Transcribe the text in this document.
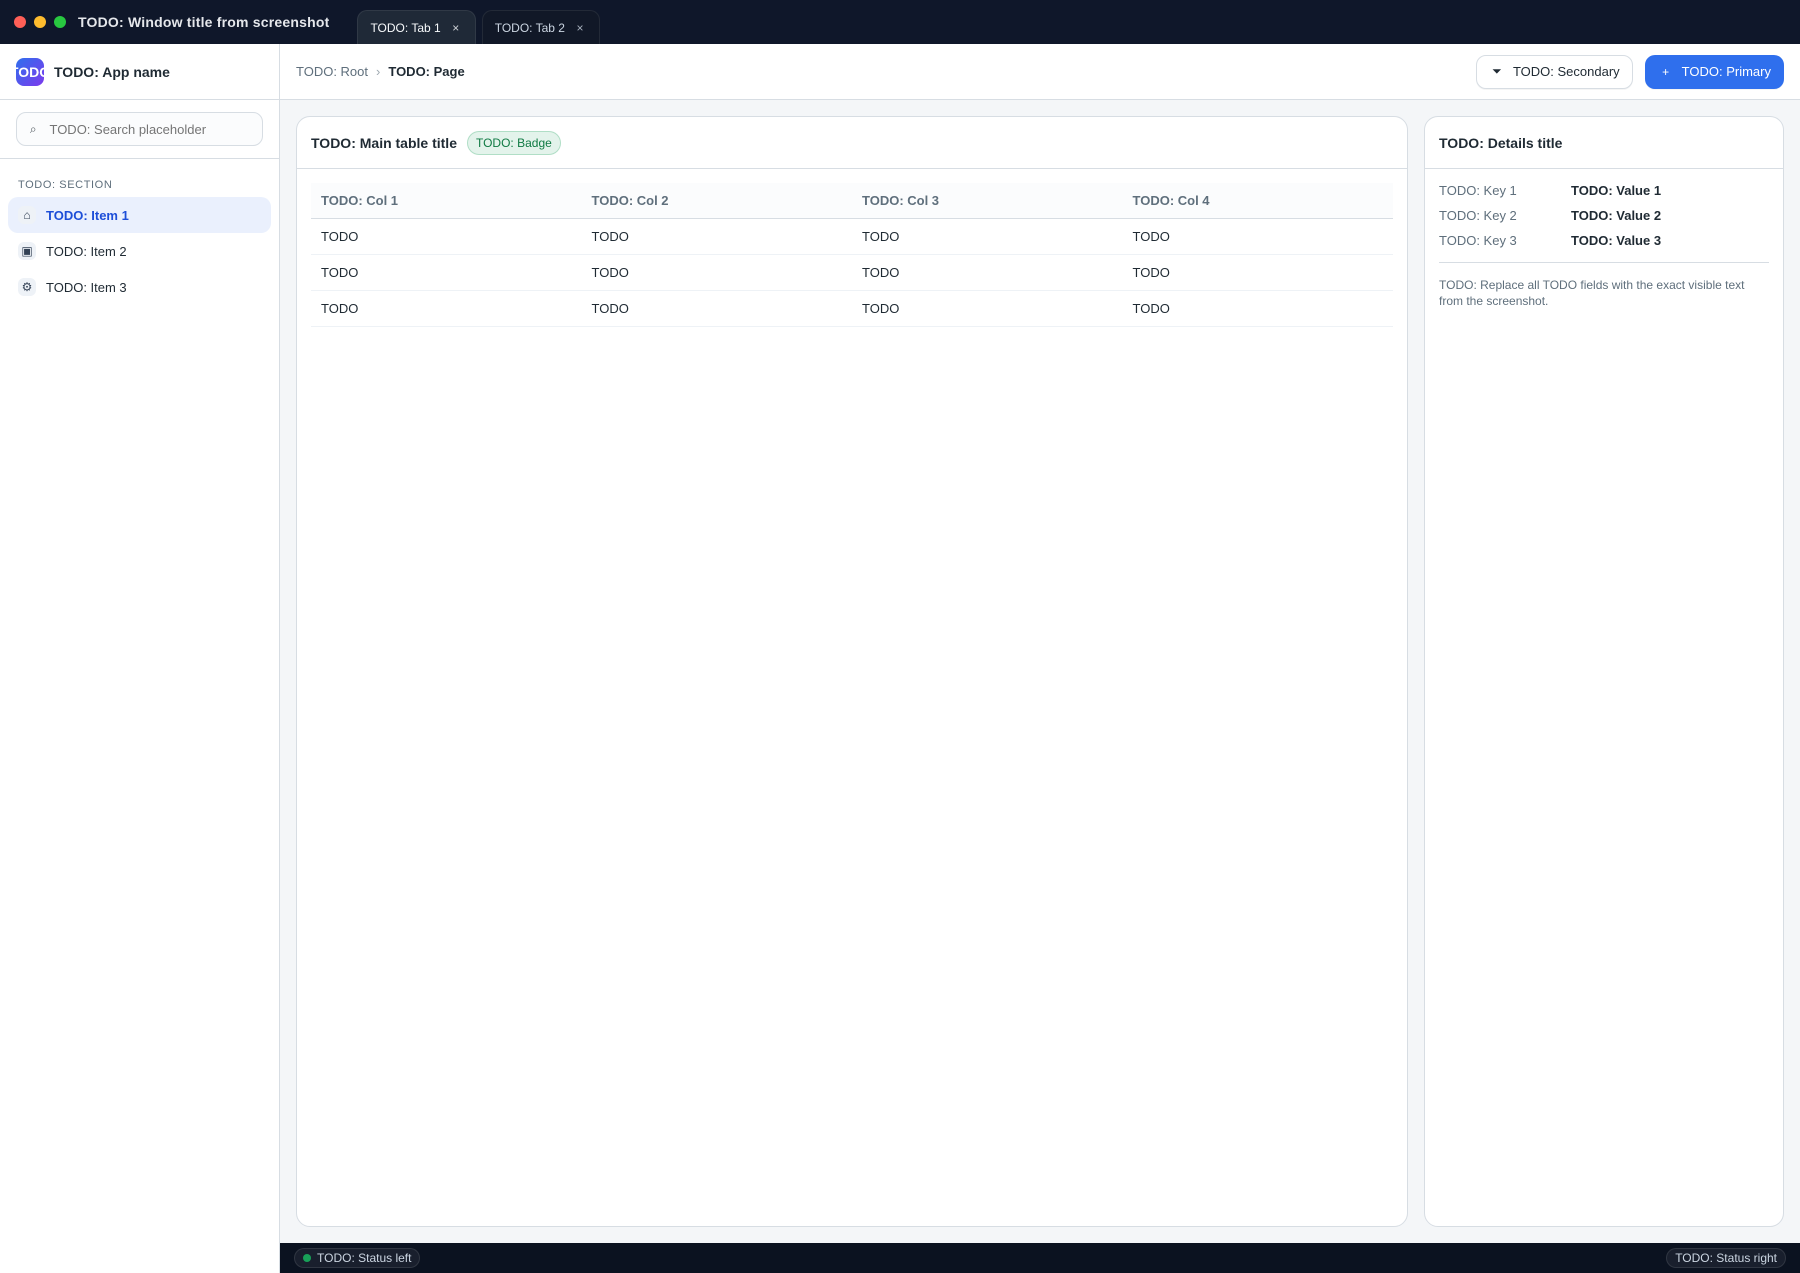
TODO: Window title from screenshot	TODO: Tab 1 ×	TODO: Tab 2 ×
TODO TODO: App name
⌕
TODO: Search placeholder
TODO: SECTION
⌂	TODO: Item 1
▣ TODO: Item 2
⚙ TODO: Item 3
TODO: Root › TODO: Page	⏷ TODO: Secondary	+ TODO: Primary
TODO: Main table title	TODO: Badge
TODO: Col 1	TODO: Col 2	TODO: Col 3	TODO: Col 4
TODO	TODO	TODO	TODO
TODO	TODO	TODO	TODO
TODO	TODO	TODO	TODO
TODO: Details title
TODO: Key 1	TODO: Value 1
TODO: Key 2	TODO: Value 2
TODO: Key 3	TODO: Value 3
TODO: Replace all TODO fields with the exact visible text from the screenshot.
TODO: Status left	TODO: Status right
